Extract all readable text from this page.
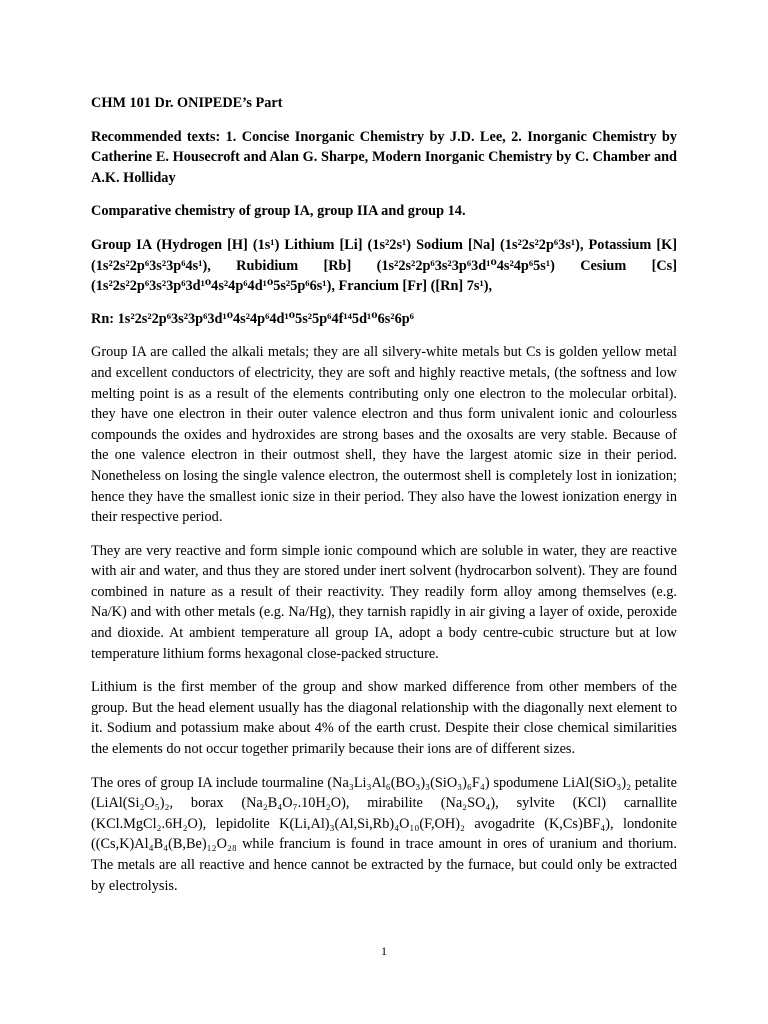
CHM 101 Dr. ONIPEDE’s Part

Recommended texts: 1. Concise Inorganic Chemistry by J.D. Lee, 2. Inorganic Chemistry by Catherine E. Housecroft and Alan G. Sharpe, Modern Inorganic Chemistry by C. Chamber and A.K. Holliday

Comparative chemistry of group IA, group IIA and group 14.

Group IA (Hydrogen [H] (1s¹) Lithium [Li] (1s²2s¹) Sodium [Na] (1s²2s²2p⁶3s¹), Potassium [K] (1s²2s²2p⁶3s²3p⁶4s¹), Rubidium [Rb] (1s²2s²2p⁶3s²3p⁶3d¹⁰4s²4p⁶5s¹) Cesium [Cs] (1s²2s²2p⁶3s²3p⁶3d¹⁰4s²4p⁶4d¹⁰5s²5p⁶6s¹), Francium [Fr] ([Rn] 7s¹),

Rn: 1s²2s²2p⁶3s²3p⁶3d¹⁰4s²4p⁶4d¹⁰5s²5p⁶4f¹⁴5d¹⁰6s²6p⁶

Group IA are called the alkali metals; they are all silvery-white metals but Cs is golden yellow metal and excellent conductors of electricity, they are soft and highly reactive metals, (the softness and low melting point is as a result of the elements contributing only one electron to the molecular orbital). they have one electron in their outer valence electron and thus form univalent ionic and colourless compounds the oxides and hydroxides are strong bases and the oxosalts are very stable. Because of the one valence electron in their outmost shell, they have the largest atomic size in their period. Nonetheless on losing the single valence electron, the outermost shell is completely lost in ionization; hence they have the smallest ionic size in their period. They also have the lowest ionization energy in their respective period.

They are very reactive and form simple ionic compound which are soluble in water, they are reactive with air and water, and thus they are stored under inert solvent (hydrocarbon solvent). They are found combined in nature as a result of their reactivity. They readily form alloy among themselves (e.g. Na/K) and with other metals (e.g. Na/Hg), they tarnish rapidly in air giving a layer of oxide, peroxide and dioxide. At ambient temperature all group IA, adopt a body centre-cubic structure but at low temperature lithium forms hexagonal close-packed structure.

Lithium is the first member of the group and show marked difference from other members of the group. But the head element usually has the diagonal relationship with the diagonally next element to it. Sodium and potassium make about 4% of the earth crust. Despite their close chemical similarities the elements do not occur together primarily because their ions are of different sizes.

The ores of group IA include tourmaline (Na₃Li₃Al₆(BO₃)₃(SiO₃)₆F₄) spodumene LiAl(SiO₃)₂ petalite (LiAl(Si₂O₅)₂, borax (Na₂B₄O₇.10H₂O), mirabilite (Na₂SO₄), sylvite (KCl) carnallite (KCl.MgCl₂.6H₂O), lepidolite K(Li,Al)₃(Al,Si,Rb)₄O₁₀(F,OH)₂ avogadrite (K,Cs)BF₄), londonite ((Cs,K)Al₄B₄(B,Be)₁₂O₂₈ while francium is found in trace amount in ores of uranium and thorium. The metals are all reactive and hence cannot be extracted by the furnace, but could only be extracted by electrolysis.

1
